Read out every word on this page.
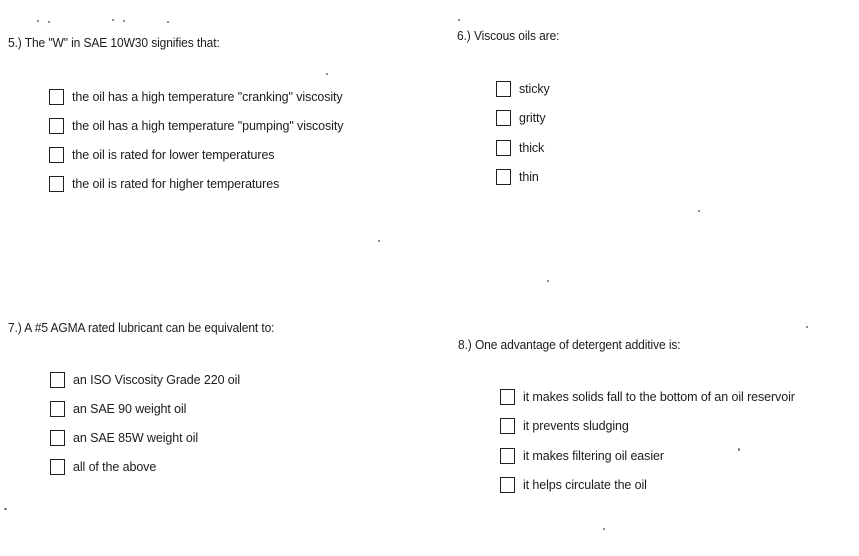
5.) The "W" in SAE 10W30 signifies that:
the oil has a high temperature "cranking" viscosity
the oil has a high temperature "pumping" viscosity
the oil is rated for lower temperatures
the oil is rated for higher temperatures
6.) Viscous oils are:
sticky
gritty
thick
thin
7.) A #5 AGMA rated lubricant can be equivalent to:
an ISO Viscosity Grade 220 oil
an SAE 90 weight oil
an SAE 85W weight oil
all of the above
8.) One advantage of detergent additive is:
it makes solids fall to the bottom of an oil reservoir
it prevents sludging
it makes filtering oil easier
it helps circulate the oil
